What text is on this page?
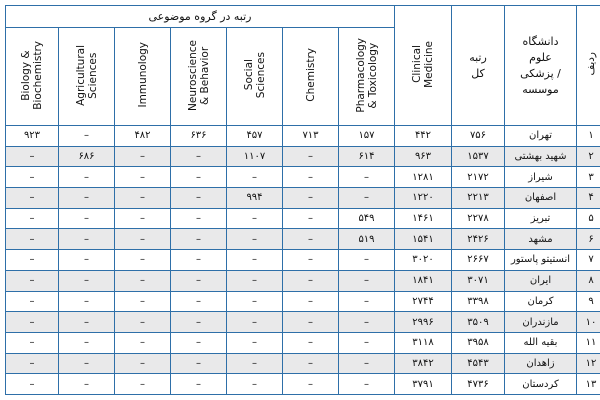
رتبه در گروه موضوعی							Clinical
Medicine	رتبه
کل	دانشگاه
علوم
پزشکی /
موسسه	ردیف
Biology &
Biochemistry	Agricultural
Sciences	Immunology	Neuroscience
& Behavior	Social
Sciences	Chemistry	Pharmacology
& Toxicology				
۹۲۳	–	۴۸۲	۶۳۶	۴۵۷	۷۱۳	۱۵۷	۴۴۲	۷۵۶	تهران	۱
–	۶۸۶	–	–	۱۱۰۷	–	۶۱۴	۹۶۳	۱۵۳۷	شهید بهشتی	۲
–	–	–	–	–	–	–	۱۲۸۱	۲۱۷۲	شیراز	۳
–	–	–	–	۹۹۴	–	–	۱۲۲۰	۲۲۱۳	اصفهان	۴
–	–	–	–	–	–	۵۴۹	۱۴۶۱	۲۲۷۸	تبریز	۵
–	–	–	–	–	–	۵۱۹	۱۵۴۱	۲۴۲۶	مشهد	۶
–	–	–	–	–	–	–	۳۰۲۰	۲۶۶۷	انستیتو پاستور	۷
–	–	–	–	–	–	–	۱۸۴۱	۳۰۷۱	ایران	۸
–	–	–	–	–	–	–	۲۷۴۴	۳۳۹۸	کرمان	۹
–	–	–	–	–	–	–	۲۹۹۶	۳۵۰۹	مازندران	۱۰
–	–	–	–	–	–	–	۳۱۱۸	۳۹۵۸	بقیه الله	۱۱
–	–	–	–	–	–	–	۳۸۴۲	۴۵۴۳	زاهدان	۱۲
–	–	–	–	–	–	–	۳۷۹۱	۴۷۳۶	کردستان	۱۳
